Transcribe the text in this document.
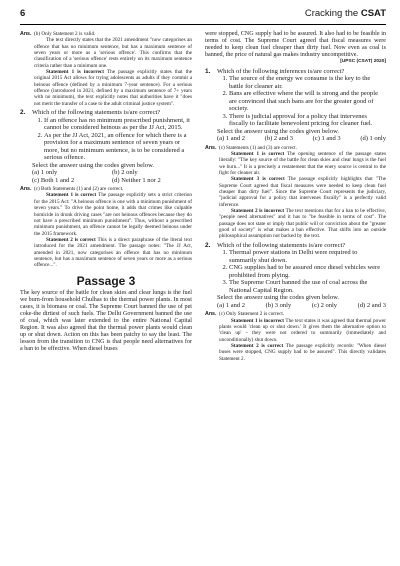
6	Cracking the CSAT
Ans. (b) Only Statement 2 is valid.

The text directly states that the 2021 amendment "now categorises an offence that has no minimum sentence, but has a maximum sentence of seven years or more as a 'serious offence'. This confirms that the classification of a 'serious offence' rests entirely on its maximum sentence criteria rather than a minimum one.

Statement 1 is incorrect The passage explicitly states that the original 2015 Act allows for trying adolescents as adults if they commit a heinous offence (defined by a minimum 7-year sentence). For a serious offence (introduced in 2021, defined by a maximum sentence of 7+ years with no minimum), the text explicitly notes that authorities have it "does not merit the transfer of a case to the adult criminal justice system".

2.	Which of the following statements is/are correct?

1. If an offence has no minimum prescribed punishment, it cannot be considered heinous as per the JJ Act, 2015.
2. As per the JJ Act, 2021, an offence for which there is a provision for a maximum sentence of seven years or more, but no minimum sentence, is to be considered a serious offence.

Select the answer using the codes given below.

(a) 1 only	(b) 2 only
(c) Both 1 and 2	(d) Neither 1 nor 2
Ans. (c) Both Statements (1) and (2) are correct.

Statement 1 is correct The passage explicitly sets a strict criterion for the 2015 Act: "A heinous offence is one with a minimum punishment of seven years." To drive the point home, it adds that crimes like culpable homicide in drunk driving cases "are not heinous offences because they do not have a prescribed minimum punishment". Thus, without a prescribed minimum punishment, an offence cannot be legally deemed heinous under the 2015 framework.

Statement 2 is correct This is a direct paraphrase of the literal text introduced for the 2021 amendment. The passage notes: "The JJ Act, amended in 2021, now categorises an offence that has no minimum sentence, but has a maximum sentence of seven years or more as a serious offence...".

Passage 3

The key source of the battle for clean skies and clear lungs is the fuel we burn-from household Chulhas to the thermal power plants. In most cases, it is biomass or coal. The Supreme Court banned the use of pet coke-the dirtiest of such fuels. The Delhi Government banned the use of coal, which was later extended to the entire National Capital Region. It was also agreed that the thermal power plants would clean up or shut down. Action on this has been patchy to say the least. The lesson from the transition to CNG is that people need alternatives for a ban to be effective. When diesel buses

were stopped, CNG supply had to be assured. It also had to be feasible in terms of cost. The Supreme Court agreed that fiscal measures were needed to keep clean fuel cheaper than dirty fuel. Now even as coal is banned, the price of natural gas makes industry uncompetitive.

[UPSC (CSAT) 2020]
1.	Which of the following inferences is/are correct?

1. The source of the energy we consume is the key to the battle for cleaner air.
2. Bans are effective where the will is strong and the people are convinced that such bans are for the greater good of society.
3. There is judicial approval for a policy that intervenes fiscally to facilitate benevolent pricing for cleaner fuel.

Select the answer using the codes given below.

(a) 1 and 2	(b) 2 and 3	(c) 1 and 3	(d) 1 only
Ans. (c) Statements (1) and (3) are correct.

Statement 1 is correct The opening sentence of the passage states literally: "The key source of the battle for clean skies and clear lungs is the fuel we burn..." It is a precisely a restatement that the enery source is central to the fight for cleaner air.

Statement 3 is correct The passage explicitly highlights that "The Supreme Court agreed that fiscal measures were needed to keep clean fuel cheaper than dirty fuel". Since the Supreme Court represents the judiciary, "judicial approval for a policy that intervenes fiscally" is a perfectly valid inference.

Statement 2 is incorrect The text mentions that for a ban to be effective, "people need alternatives" and it has to "be feasible in terms of cost". The passage does not state or imply that public will or conviction about the "greater good of society" is what makes a ban effective. That shifts into an outside philosophical assumption not backed by the text.

2.	Which of the following statements is/are correct?

1. Thermal power stations in Delhi were required to summarily shut down.
2. CNG supplies had to be assured once diesel vehicles were prohibited from plying.
3. The Supreme Court banned the use of coal across the National Capital Region.

Select the answer using the codes given below.

(a) 1 and 2	(b) 3 only	(c) 2 only	(d) 2 and 3
Ans. (c) Only Statement 2 is correct.

Statement 1 is incorrect The text states it was agreed that thermal power plants would 'clean up or shut down.' It gives them the alternative option to 'clean up' - they were not ordered to summarily (immediately and unconditionally) shut down.

Statement 2 is correct The passage explicitly records: "When diesel buses were stopped, CNG supply had to be assured". This directly validates Statement 2.
